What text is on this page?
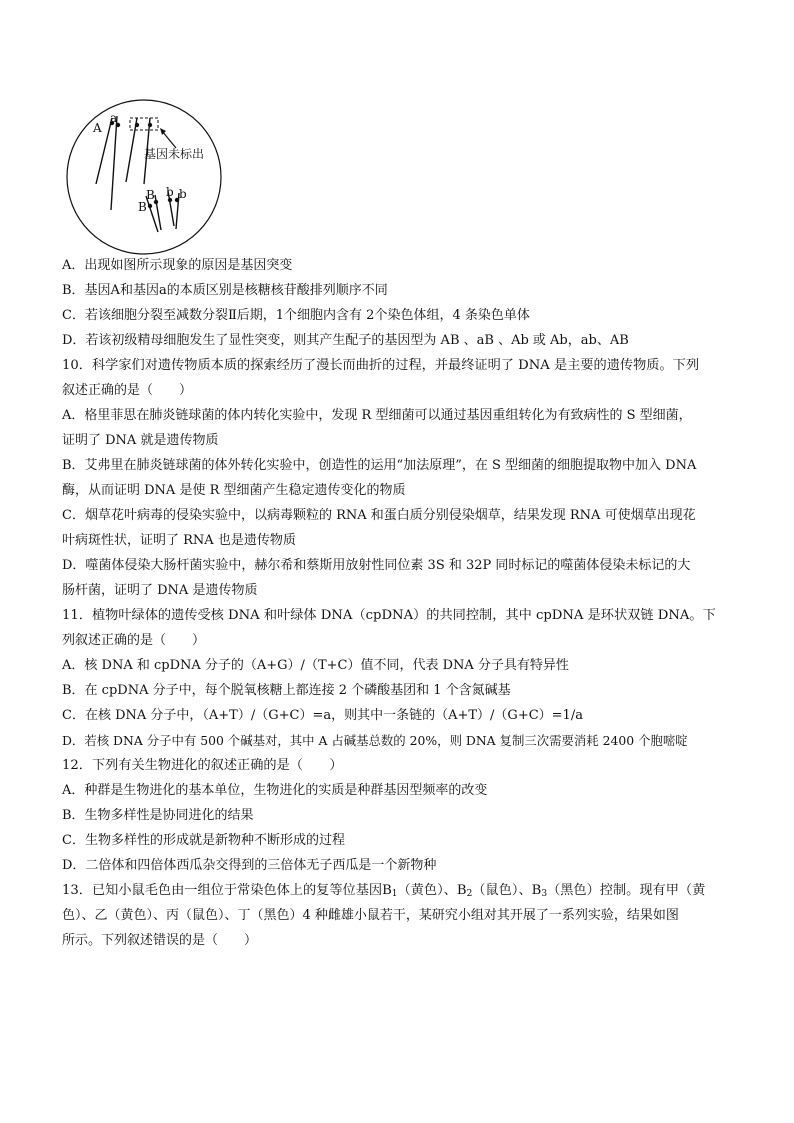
A
a
B
B b b
基因未标出
A．出现如图所示现象的原因是基因突变
B．基因A和基因a的本质区别是核糖核苷酸排列顺序不同
C．若该细胞分裂至减数分裂Ⅱ后期，1个细胞内含有 2个染色体组，4 条染色单体
D．若该初级精母细胞发生了显性突变，则其产生配子的基因型为 AB 、aB 、Ab 或 Ab，ab、AB
10．科学家们对遗传物质本质的探索经历了漫长而曲折的过程，并最终证明了 DNA 是主要的遗传物质。下列
叙述正确的是（　　）
A．格里菲思在肺炎链球菌的体内转化实验中，发现 R 型细菌可以通过基因重组转化为有致病性的 S 型细菌，
证明了 DNA 就是遗传物质
B．艾弗里在肺炎链球菌的体外转化实验中，创造性的运用“加法原理”，在 S 型细菌的细胞提取物中加入 DNA
酶，从而证明 DNA 是使 R 型细菌产生稳定遗传变化的物质
C．烟草花叶病毒的侵染实验中，以病毒颗粒的 RNA 和蛋白质分别侵染烟草，结果发现 RNA 可使烟草出现花
叶病斑性状，证明了 RNA 也是遗传物质
D．噬菌体侵染大肠杆菌实验中，赫尔希和蔡斯用放射性同位素 3S 和 32P 同时标记的噬菌体侵染未标记的大
肠杆菌，证明了 DNA 是遗传物质
11．植物叶绿体的遗传受核 DNA 和叶绿体 DNA（cpDNA）的共同控制，其中 cpDNA 是环状双链 DNA。下
列叙述正确的是（　　）
A．核 DNA 和 cpDNA 分子的（A+G）/（T+C）值不同，代表 DNA 分子具有特异性
B．在 cpDNA 分子中，每个脱氧核糖上都连接 2 个磷酸基团和 1 个含氮碱基
C．在核 DNA 分子中，（A+T）/（G+C）=a，则其中一条链的（A+T）/（G+C）=1/a
D．若核 DNA 分子中有 500 个碱基对，其中 A 占碱基总数的 20%，则 DNA 复制三次需要消耗 2400 个胞嘧啶
12．下列有关生物进化的叙述正确的是（　　）
A．种群是生物进化的基本单位，生物进化的实质是种群基因型频率的改变
B．生物多样性是协同进化的结果
C．生物多样性的形成就是新物种不断形成的过程
D．二倍体和四倍体西瓜杂交得到的三倍体无子西瓜是一个新物种
13．已知小鼠毛色由一组位于常染色体上的复等位基因$B_1$（黄色）、$B_2$（鼠色）、$B_3$（黑色）控制。现有甲（黄
色）、乙（黄色）、丙（鼠色）、丁（黑色）4 种雌雄小鼠若干，某研究小组对其开展了一系列实验，结果如图
所示。下列叙述错误的是（　　）
